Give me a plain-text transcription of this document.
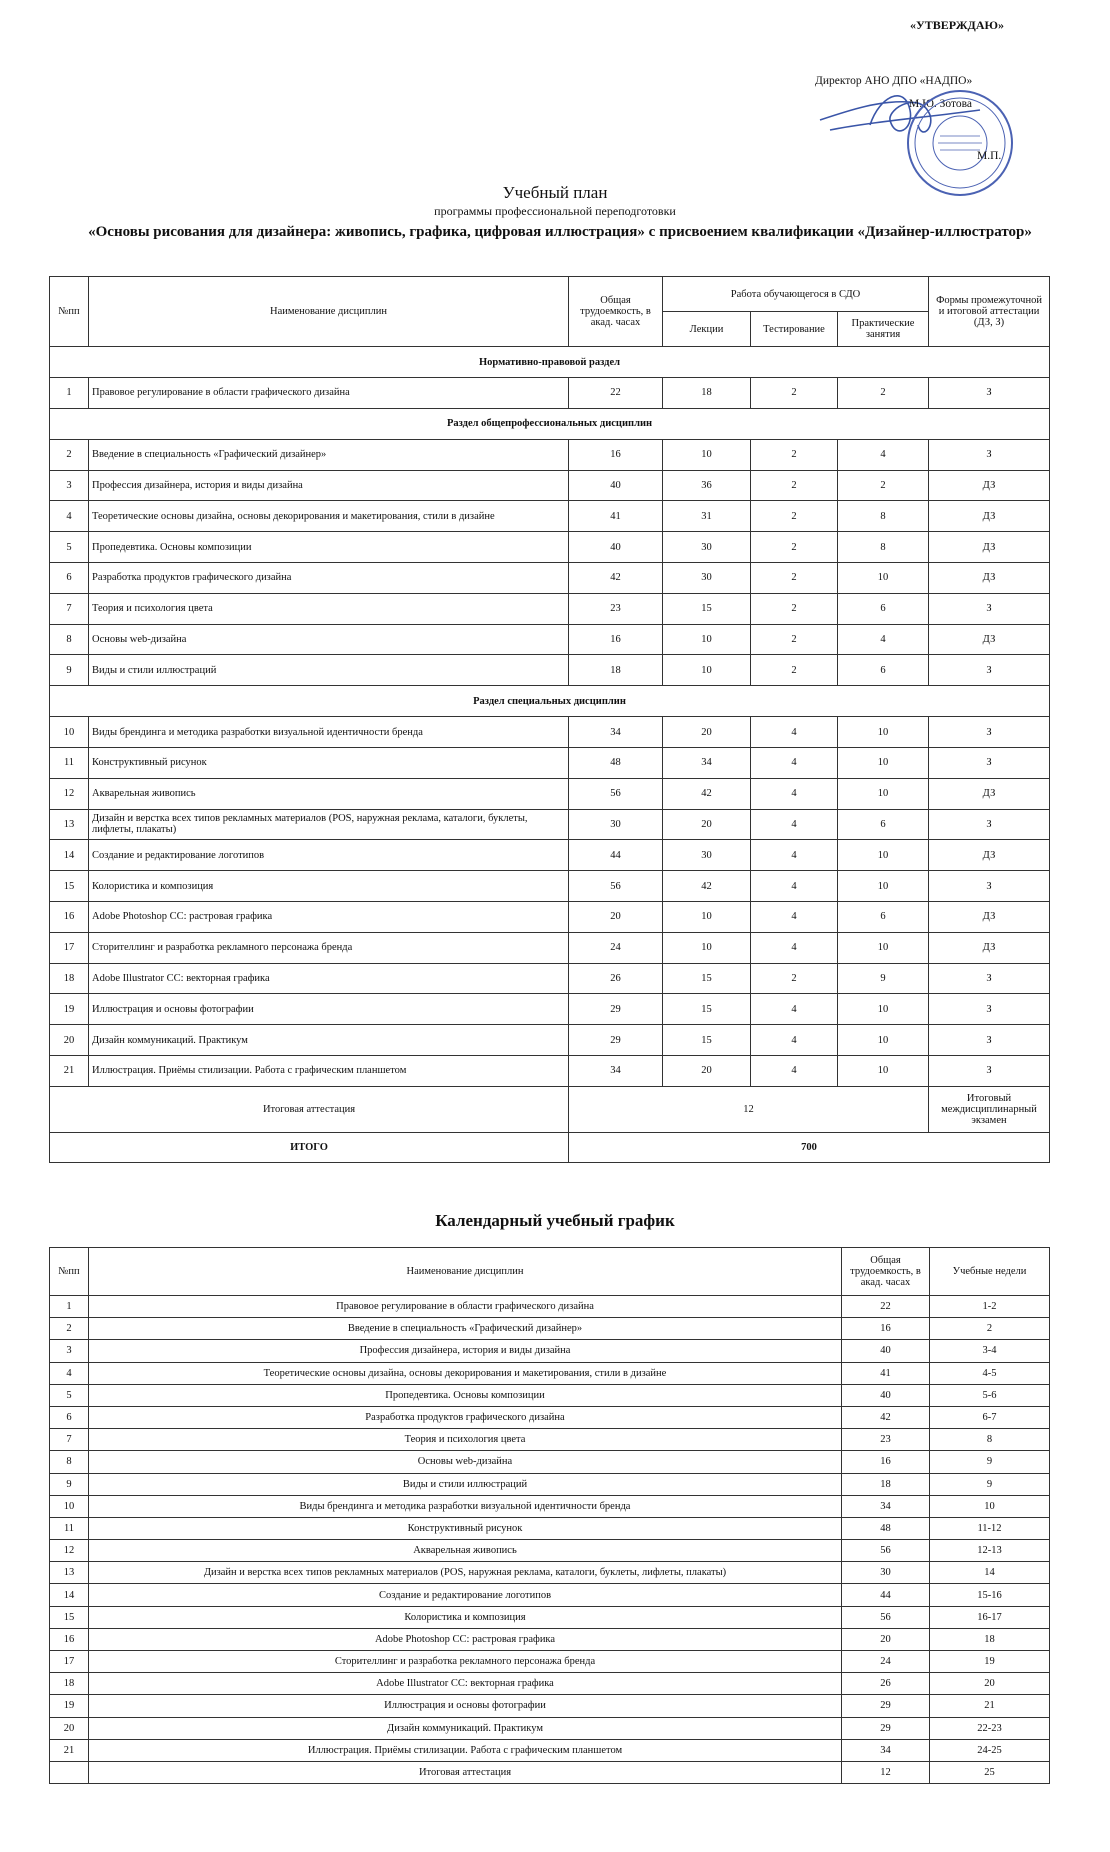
«УТВЕРЖДАЮ»
Директор АНО ДПО «НАДПО»
М.Ю. Зотова
М.П.
Учебный план
программы профессиональной переподготовки
«Основы рисования для дизайнера: живопись, графика, цифровая иллюстрация» с присвоением квалификации «Дизайнер-иллюстратор»
№пп	Наименование дисциплин	Общая трудоемкость, в акад. часах	Работа обучающегося в СДО			Формы промежуточной и итоговой аттестации (ДЗ, З)
			Лекции	Тестирование	Практические занятия	
Нормативно-правовой раздел						
1	Правовое регулирование в области графического дизайна	22	18	2	2	З
Раздел общепрофессиональных дисциплин						
2	Введение в специальность «Графический дизайнер»	16	10	2	4	З
3	Профессия дизайнера, история и виды дизайна	40	36	2	2	ДЗ
4	Теоретические основы дизайна, основы декорирования и макетирования, стили в дизайне	41	31	2	8	ДЗ
5	Пропедевтика. Основы композиции	40	30	2	8	ДЗ
6	Разработка продуктов графического дизайна	42	30	2	10	ДЗ
7	Теория и психология цвета	23	15	2	6	З
8	Основы web-дизайна	16	10	2	4	ДЗ
9	Виды и стили иллюстраций	18	10	2	6	З
Раздел специальных дисциплин						
10	Виды брендинга и методика разработки визуальной идентичности бренда	34	20	4	10	З
11	Конструктивный рисунок	48	34	4	10	З
12	Акварельная живопись	56	42	4	10	ДЗ
13	Дизайн и верстка всех типов рекламных материалов (POS, наружная реклама, каталоги, буклеты, лифлеты, плакаты)	30	20	4	6	З
14	Создание и редактирование логотипов	44	30	4	10	ДЗ
15	Колористика и композиция	56	42	4	10	З
16	Adobe Photoshop CC: растровая графика	20	10	4	6	ДЗ
17	Сторителлинг и разработка рекламного персонажа бренда	24	10	4	10	ДЗ
18	Adobe Illustrator CC: векторная графика	26	15	2	9	З
19	Иллюстрация и основы фотографии	29	15	4	10	З
20	Дизайн коммуникаций. Практикум	29	15	4	10	З
21	Иллюстрация. Приёмы стилизации. Работа с графическим планшетом	34	20	4	10	З
Итоговая аттестация		12				Итоговый междисциплинарный экзамен
ИТОГО		700				
Календарный учебный график
№пп	Наименование дисциплин	Общая трудоемкость, в акад. часах	Учебные недели
1	Правовое регулирование в области графического дизайна	22	1-2
2	Введение в специальность «Графический дизайнер»	16	2
3	Профессия дизайнера, история и виды дизайна	40	3-4
4	Теоретические основы дизайна, основы декорирования и макетирования, стили в дизайне	41	4-5
5	Пропедевтика. Основы композиции	40	5-6
6	Разработка продуктов графического дизайна	42	6-7
7	Теория и психология цвета	23	8
8	Основы web-дизайна	16	9
9	Виды и стили иллюстраций	18	9
10	Виды брендинга и методика разработки визуальной идентичности бренда	34	10
11	Конструктивный рисунок	48	11-12
12	Акварельная живопись	56	12-13
13	Дизайн и верстка всех типов рекламных материалов (POS, наружная реклама, каталоги, буклеты, лифлеты, плакаты)	30	14
14	Создание и редактирование логотипов	44	15-16
15	Колористика и композиция	56	16-17
16	Adobe Photoshop CC: растровая графика	20	18
17	Сторителлинг и разработка рекламного персонажа бренда	24	19
18	Adobe Illustrator CC: векторная графика	26	20
19	Иллюстрация и основы фотографии	29	21
20	Дизайн коммуникаций. Практикум	29	22-23
21	Иллюстрация. Приёмы стилизации. Работа с графическим планшетом	34	24-25
	Итоговая аттестация	12	25
